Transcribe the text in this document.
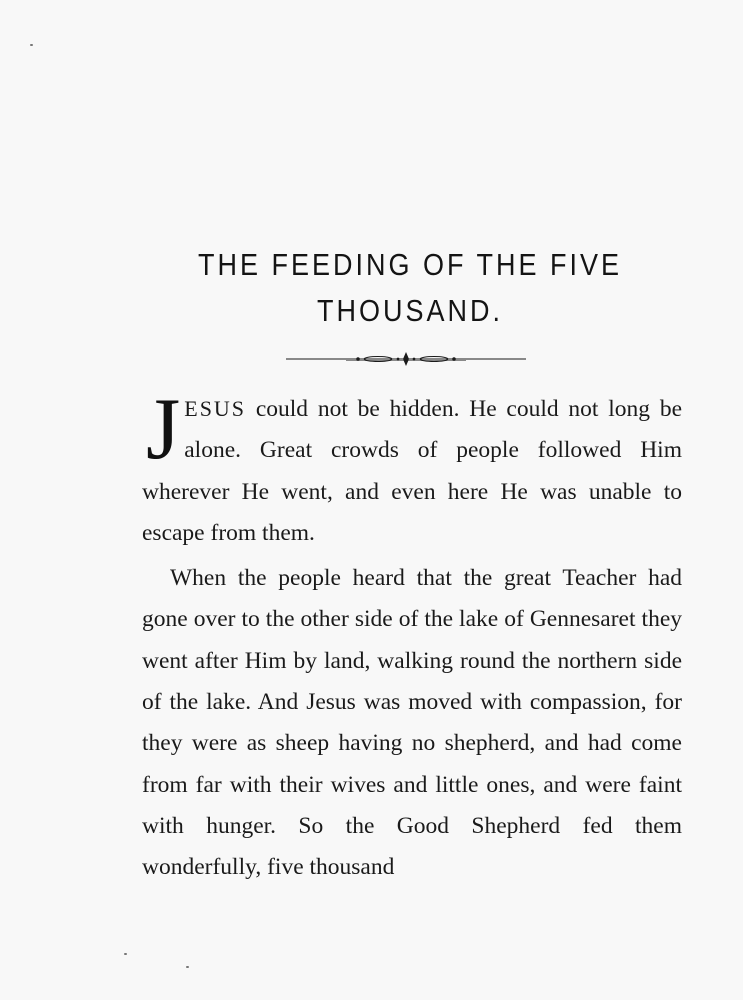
THE FEEDING OF THE FIVE
THOUSAND.

JESUS could not be hidden. He could not long be alone. Great crowds of people followed Him wherever He went, and even here He was unable to escape from them.

When the people heard that the great Teacher had gone over to the other side of the lake of Gennesaret they went after Him by land, walking round the northern side of the lake. And Jesus was moved with compassion, for they were as sheep having no shepherd, and had come from far with their wives and little ones, and were faint with hunger. So the Good Shepherd fed them wonderfully, five thousand
